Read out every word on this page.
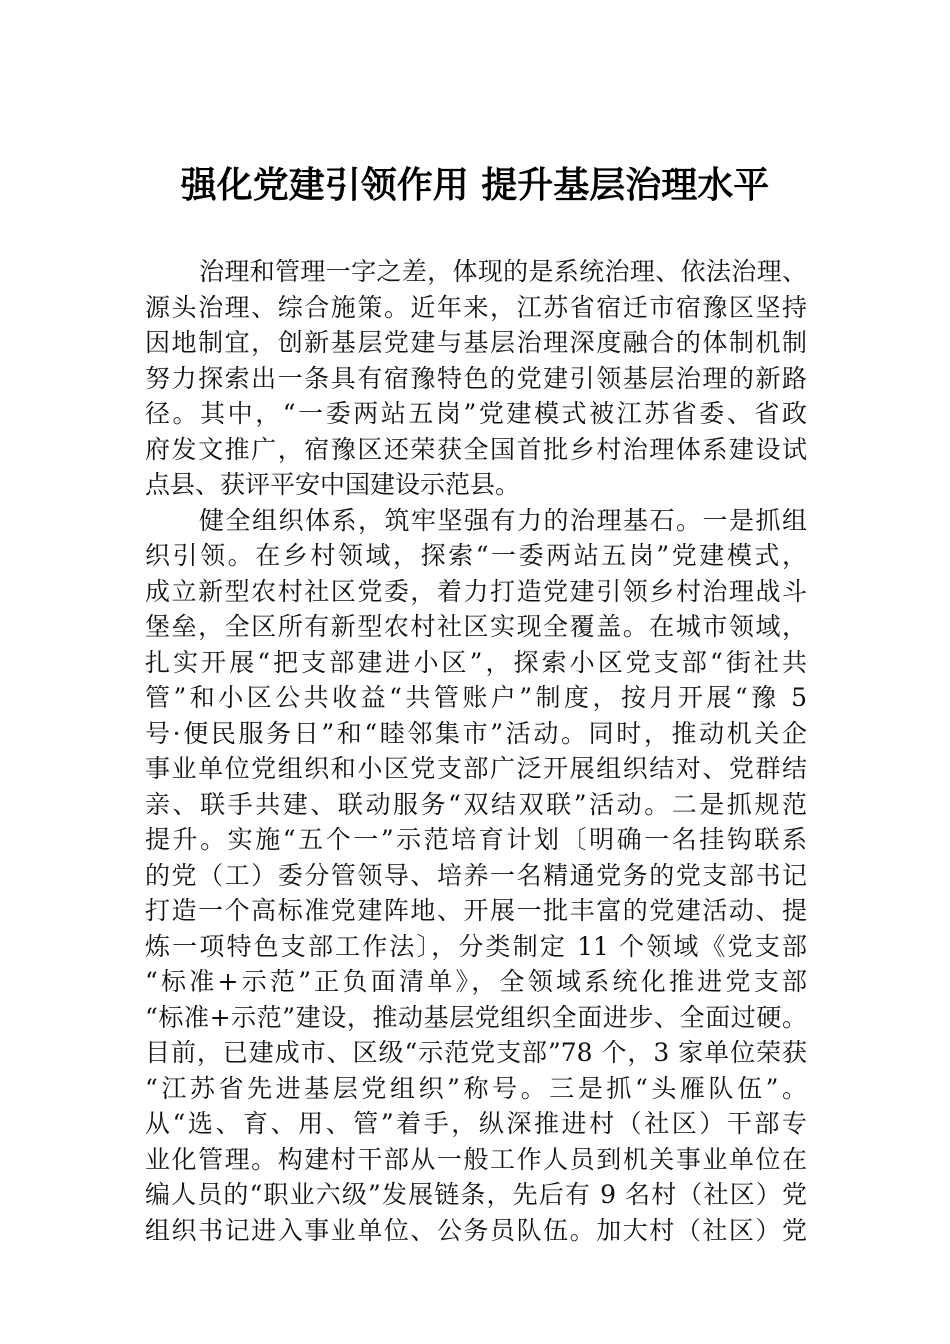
强化党建引领作用 提升基层治理水平
治理和管理一字之差，体现的是系统治理、依法治理、
源头治理、综合施策。近年来，江苏省宿迁市宿豫区坚持
因地制宜，创新基层党建与基层治理深度融合的体制机制
努力探索出一条具有宿豫特色的党建引领基层治理的新路
径。其中，“一委两站五岗”党建模式被江苏省委、省政
府发文推广，宿豫区还荣获全国首批乡村治理体系建设试
点县、获评平安中国建设示范县。
健全组织体系，筑牢坚强有力的治理基石。一是抓组
织引领。在乡村领域，探索“一委两站五岗”党建模式，
成立新型农村社区党委，着力打造党建引领乡村治理战斗
堡垒，全区所有新型农村社区实现全覆盖。在城市领域，
扎实开展“把支部建进小区”，探索小区党支部“街社共
管”和小区公共收益“共管账户”制度，按月开展“豫 5
号·便民服务日”和“睦邻集市”活动。同时，推动机关企
事业单位党组织和小区党支部广泛开展组织结对、党群结
亲、联手共建、联动服务“双结双联”活动。二是抓规范
提升。实施“五个一”示范培育计划〔明确一名挂钩联系
的党（工）委分管领导、培养一名精通党务的党支部书记
打造一个高标准党建阵地、开展一批丰富的党建活动、提
炼一项特色支部工作法〕，分类制定 11 个领域《党支部
“标准+示范”正负面清单》，全领域系统化推进党支部
“标准+示范”建设，推动基层党组织全面进步、全面过硬。
目前，已建成市、区级“示范党支部”78 个，3 家单位荣获
“江苏省先进基层党组织”称号。三是抓“头雁队伍”。
从“选、育、用、管”着手，纵深推进村（社区）干部专
业化管理。构建村干部从一般工作人员到机关事业单位在
编人员的“职业六级”发展链条，先后有 9 名村（社区）党
组织书记进入事业单位、公务员队伍。加大村（社区）党
